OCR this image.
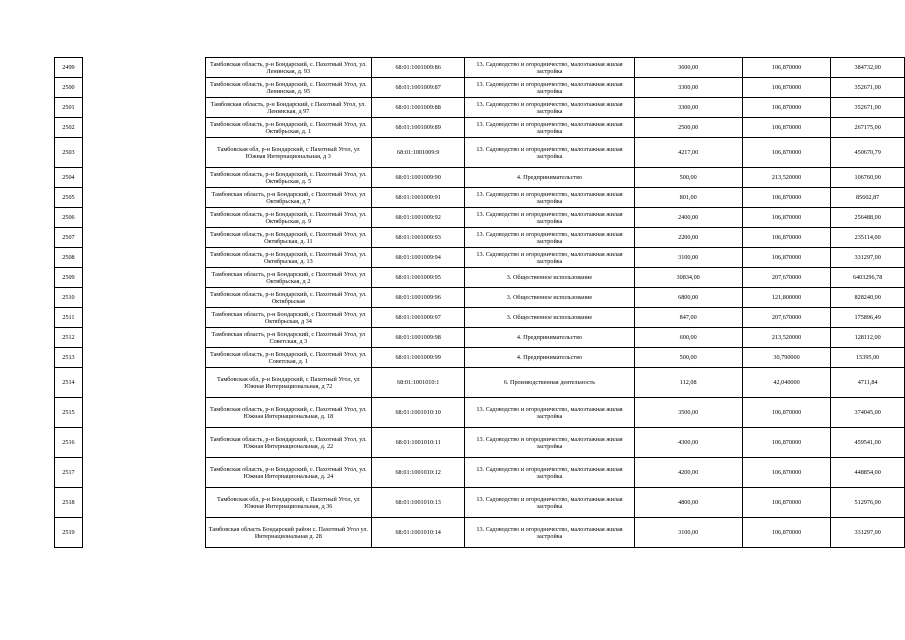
2499		Тамбовская область, р-н Бондарский, с. Пахотный Угол, ул. Ленинская, д. 93	68:01:1001009:86	13. Садоводство и огородничество, малоэтажная жилая застройка	3600,00	106,870000	384732,00
2500		Тамбовская область, р-н Бондарский, с. Пахотный Угол, ул. Ленинская, д. 95	68:01:1001009:87	13. Садоводство и огородничество, малоэтажная жилая застройка	3300,00	106,870000	352671,00
2501		Тамбовская область, р-н Бондарский, с Пахотный Угол, ул. Ленинская, д 97	68:01:1001009:88	13. Садоводство и огородничество, малоэтажная жилая застройка	3300,00	106,870000	352671,00
2502		Тамбовская область, р-н Бондарский, с. Пахотный Угол, ул. Октябрьская, д. 1	68:01:1001009:89	13. Садоводство и огородничество, малоэтажная жилая застройка	2500,00	106,870000	267175,00
2503		Тамбовская обл, р-н Бондарский, с Пахотный Угол, ул Южная Интернациональная, д 3	68:01:1001009:9	13. Садоводство и огородничество, малоэтажная жилая застройка	4217,00	106,870000	450670,79
2504		Тамбовская область, р-н Бондарский, с. Пахотный Угол, ул. Октябрьская, д. 5	68:01:1001009:90	4. Предпринимательство	500,00	213,520000	106760,00
2505		Тамбовская область, р-н Бондарский, с Пахотный Угол, ул Октябрьская, д 7	68:01:1001009:91	13. Садоводство и огородничество, малоэтажная жилая застройка	801,00	106,870000	85602,87
2506		Тамбовская область, р-н Бондарский, с. Пахотный Угол, ул. Октябрьская, д. 9	68:01:1001009:92	13. Садоводство и огородничество, малоэтажная жилая застройка	2400,00	106,870000	256488,00
2507		Тамбовская область, р-н Бондарский, с. Пахотный Угол, ул. Октябрьская, д. 11	68:01:1001009:93	13. Садоводство и огородничество, малоэтажная жилая застройка	2200,00	106,870000	235114,00
2508		Тамбовская область, р-н Бондарский, с. Пахотный Угол, ул. Октябрьская, д. 13	68:01:1001009:94	13. Садоводство и огородничество, малоэтажная жилая застройка	3100,00	106,870000	331297,00
2509		Тамбовская область, р-н Бондарский, с Пахотный Угол, ул Октябрьская, д 2	68:01:1001009:95	3. Общественное использование	30834,00	207,670000	6403296,78
2510		Тамбовская область, р-н Бондарский, с. Пахотный Угол, ул. Октябрьская	68:01:1001009:96	3. Общественное использование	6800,00	121,800000	828240,00
2511		Тамбовская область, р-н Бондарский, с Пахотный Угол, ул Октябрьская, д 34	68:01:1001009:97	3. Общественное использование	847,00	207,670000	175896,49
2512		Тамбовская область, р-н Бондарский, с Пахотный Угол, ул Советская, д 3	68:01:1001009:98	4. Предпринимательство	600,00	213,520000	128112,00
2513		Тамбовская область, р-н Бондарский, с. Пахотный Угол, ул. Советская, д. 1	68:01:1001009:99	4. Предпринимательство	500,00	30,790000	15395,00
2514		Тамбовская обл, р-н Бондарский, с Пахотный Угол, ул Южная Интернациональная, д 72	68:01:1001010:1	6. Производственная деятельность	112,08	42,040000	4711,84
2515		Тамбовская область, р-н Бондарский, с. Пахотный Угол, ул. Южная Интернациональная, д. 18	68:01:1001010:10	13. Садоводство и огородничество, малоэтажная жилая застройка	3500,00	106,870000	374045,00
2516		Тамбовская область, р-н Бондарский, с. Пахотный Угол, ул. Южная Интернациональная, д. 22	68:01:1001010:11	13. Садоводство и огородничество, малоэтажная жилая застройка	4300,00	106,870000	459541,00
2517		Тамбовская область, р-н Бондарский, с. Пахотный Угол, ул. Южная Интернациональная, д. 24	68:01:1001010:12	13. Садоводство и огородничество, малоэтажная жилая застройка	4200,00	106,870000	448854,00
2518		Тамбовская обл, р-н Бондарский, с Пахотный Угол, ул Южная Интернациональная, д 36	68:01:1001010:13	13. Садоводство и огородничество, малоэтажная жилая застройка	4800,00	106,870000	512976,00
2519		Тамбовская область Бондарский район с. Пахотный Угол ул. Интернациональная д. 28	68:01:1001010:14	13. Садоводство и огородничество, малоэтажная жилая застройка	3100,00	106,870000	331297,00
